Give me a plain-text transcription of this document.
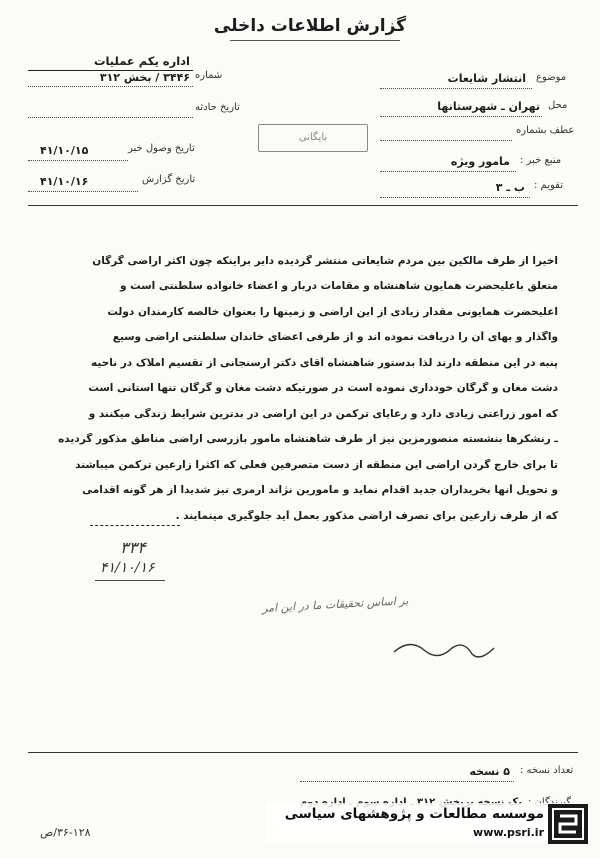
گزارش اطلاعات داخلی
اداره یکم عملیات
شماره
۳۴۴۶ / بخش ۳۱۲
تاریخ حادثه
تاریخ وصول خبر
۴۱/۱۰/۱۵
تاریخ گزارش
۴۱/۱۰/۱۶
بایگانی
موضوع
انتشار شایعات
محل
تهران ـ شهرستانها
عطف بشماره
منبع خبر :
مامور ویژه
تقویم :
ب ـ ۳
اخیراً از طرف مالکین بین مردم شایعاتی منتشر گردیده دایر براینکه چون اکثر اراضی گرگان
متعلق باعلیحضرت همایون شاهنشاه و مقامات دربار و اعضاء خانواده سلطنتی است و
اعلیحضرت همایونی مقدار زیادی از این اراضی و زمینها را بعنوان خالصه کارمندان دولت
واگذار و بهای آن را دریافت نموده اند و از طرفی اعضای خاندان سلطنتی اراضی وسیع
پنبه در این منطقه دارند لذا بدستور شاهنشاه آقای دکتر ارسنجانی از تقسیم املاک در ناحیه
دشت مغان و گرگان خودداری نموده است در صورتیکه دشت مغان و گرگان تنها استانی است
که امور زراعتی زیادی دارد و رعایای ترکمن در این اراضی در بدترین شرایط زندگی میکنند و
ـ رنشکرها بنشسته منصورمزین نیز از طرف شاهنشاه مامور بازرسی اراضی مناطق مذکور گردیده
تا برای خارج گردن اراضی این منطقه از دست متصرفین فعلی که اکثراً زارعین ترکمن میباشند
و تحویل آنها بخریداران جدید اقدام نماید و مامورین نژاند ارمری نیز شدیداً از هر گونه اقدامی
که از طرف زارعین برای تصرف اراضی مذکور بعمل آید جلوگیری مینمایند .
۳۳۴
۴۱/۱۰/۱۶
بر اساس تحقیقات ما در این امر
تعداد نسخه :
۵ نسخه
۳۶-۱۲۸/ص
موسسه مطالعات و پژوهشهای سیاسی
www.psri.ir
